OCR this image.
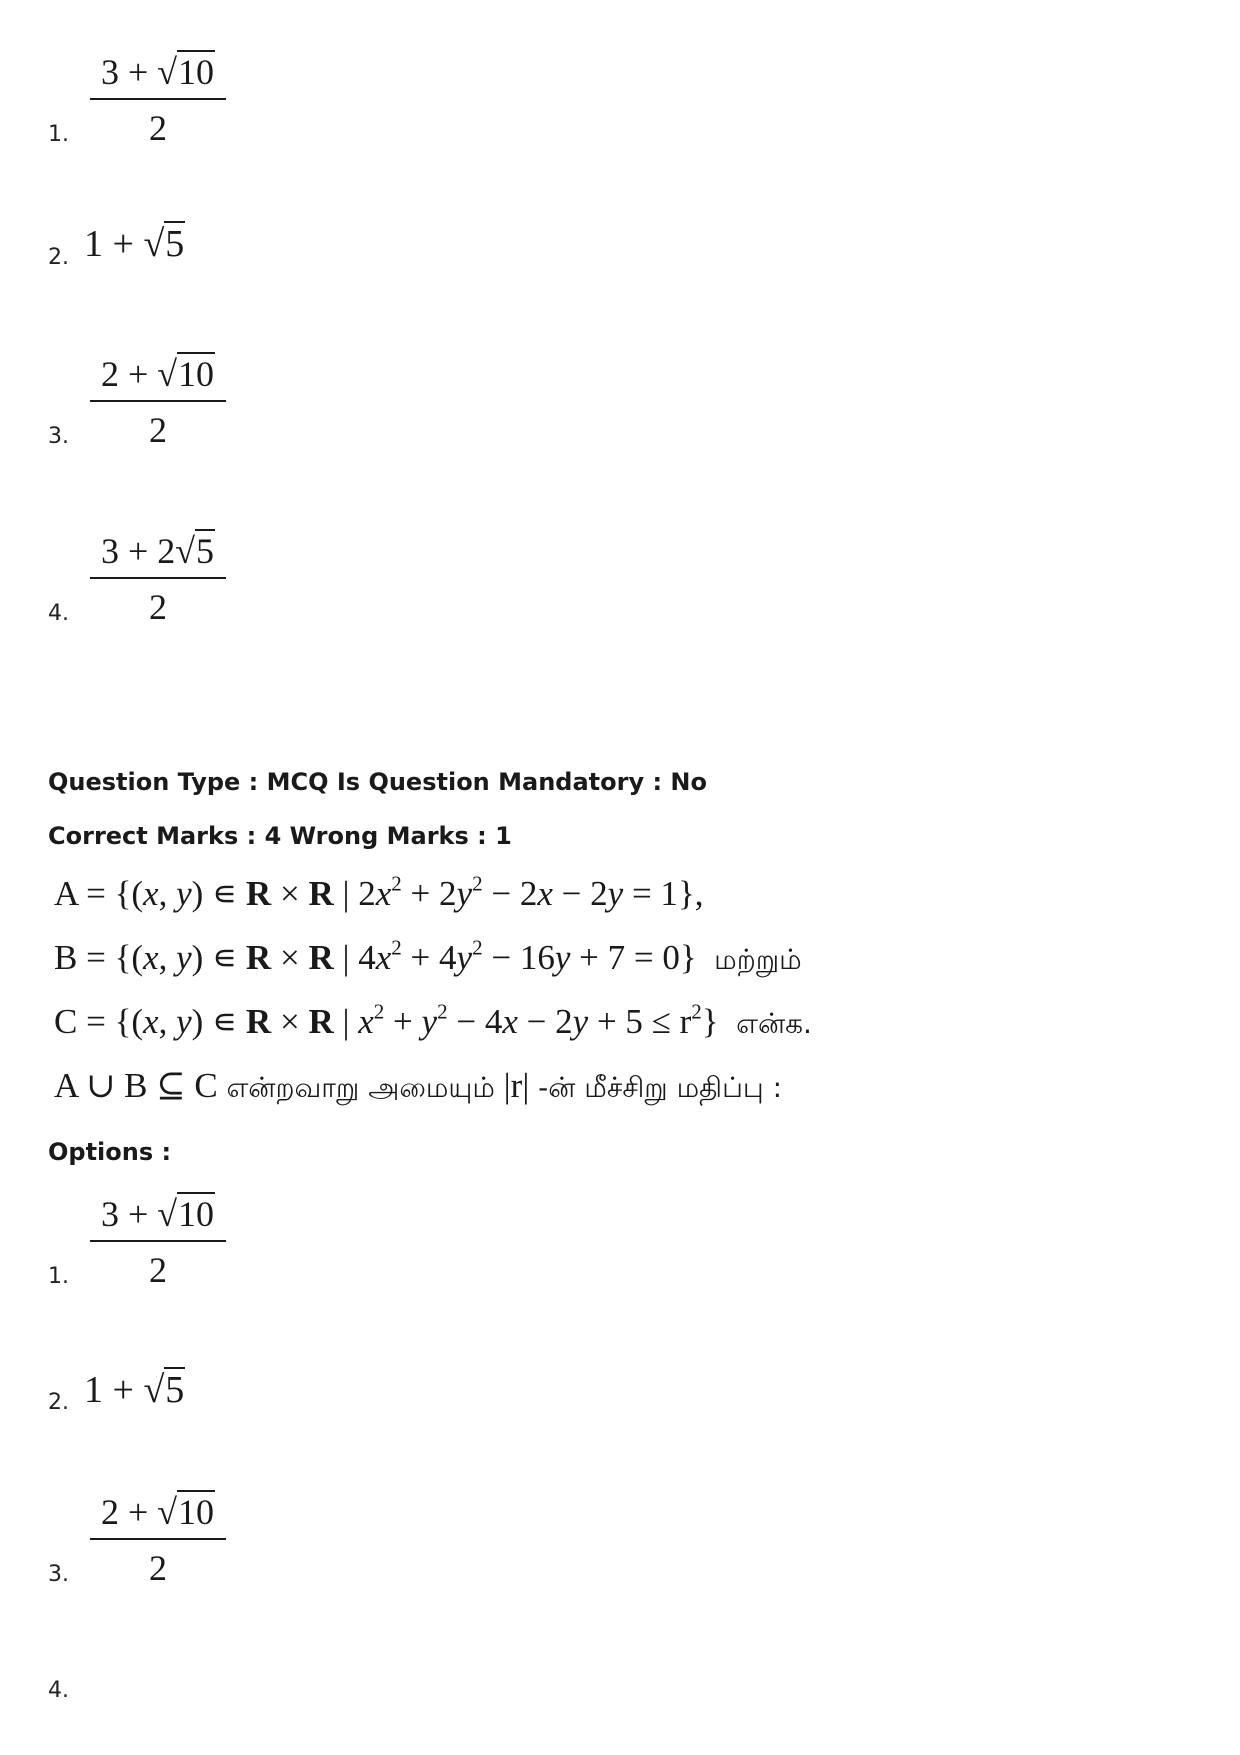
$\frac{3 + √10}{2}$
1.
2. 1 + √5
$\frac{2 + √10}{2}$
3.
$\frac{3 + 2√5}{2}$
4.
Question Type : MCQ Is Question Mandatory : No
Correct Marks : 4 Wrong Marks : 1
A = {(x, y) ∊ R × R | $2x^2 + 2y^2 - 2x - 2y = 1$},
B = {(x, y) ∊ R × R | $4x^2 + 4y^2 - 16y + 7 = 0$}  மற்றும்
C = {(x, y) ∊ R × R | $x^2 + y^2 - 4x - 2y + 5 \le r^2$}  என்க.
A ∪ B ⊆ C என்றவாறு அமையும் |r| -ன் மீச்சிறு மதிப்பு :
Options :
$\frac{3 + √10}{2}$
1.
2. 1 + √5
$\frac{2 + √10}{2}$
3.
4.
